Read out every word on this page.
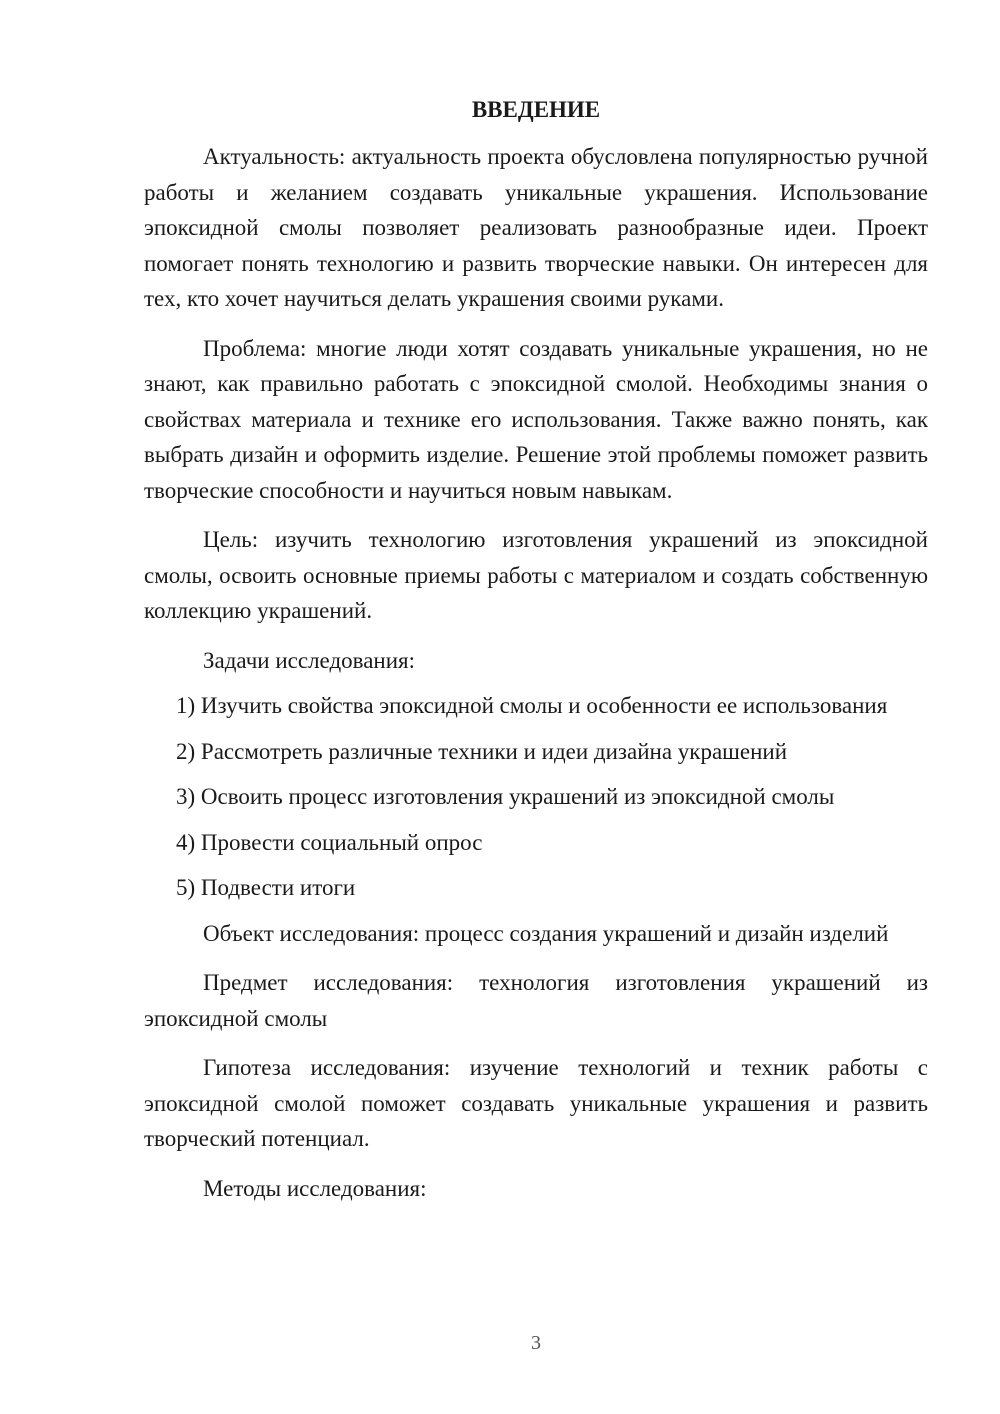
ВВЕДЕНИЕ

Актуальность: актуальность проекта обусловлена популярностью ручной работы и желанием создавать уникальные украшения. Использование эпоксидной смолы позволяет реализовать разнообразные идеи. Проект помогает понять технологию и развить творческие навыки. Он интересен для тех, кто хочет научиться делать украшения своими руками.

Проблема: многие люди хотят создавать уникальные украшения, но не знают, как правильно работать с эпоксидной смолой. Необходимы знания о свойствах материала и технике его использования. Также важно понять, как выбрать дизайн и оформить изделие. Решение этой проблемы поможет развить творческие способности и научиться новым навыкам.

Цель: изучить технологию изготовления украшений из эпоксидной смолы, освоить основные приемы работы с материалом и создать собственную коллекцию украшений.

Задачи исследования:

1) Изучить свойства эпоксидной смолы и особенности ее использования

2) Рассмотреть различные техники и идеи дизайна украшений

3) Освоить процесс изготовления украшений из эпоксидной смолы

4) Провести социальный опрос

5) Подвести итоги

Объект исследования: процесс создания украшений и дизайн изделий

Предмет исследования: технология изготовления украшений из эпоксидной смолы

Гипотеза исследования: изучение технологий и техник работы с эпоксидной смолой поможет создавать уникальные украшения и развить творческий потенциал.

Методы исследования:

3
